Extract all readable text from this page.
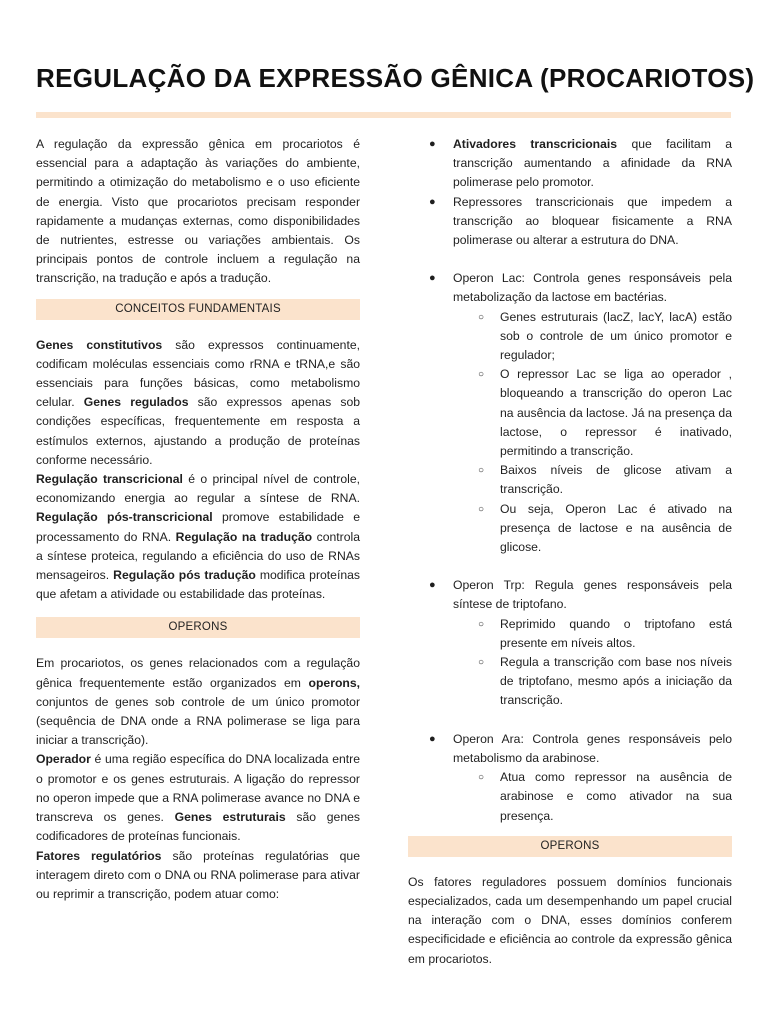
REGULAÇÃO DA EXPRESSÃO GÊNICA (PROCARIOTOS)

A regulação da expressão gênica em procariotos é essencial para a adaptação às variações do ambiente, permitindo a otimização do metabolismo e o uso eficiente de energia. Visto que procariotos precisam responder rapidamente a mudanças externas, como disponibilidades de nutrientes, estresse ou variações ambientais. Os principais pontos de controle incluem a regulação na transcrição, na tradução e após a tradução.

CONCEITOS FUNDAMENTAIS

Genes constitutivos são expressos continuamente, codificam moléculas essenciais como rRNA e tRNA,e são essenciais para funções básicas, como metabolismo celular. Genes regulados são expressos apenas sob condições específicas, frequentemente em resposta a estímulos externos, ajustando a produção de proteínas conforme necessário.

Regulação transcricional é o principal nível de controle, economizando energia ao regular a síntese de RNA. Regulação pós-transcricional promove estabilidade e processamento do RNA. Regulação na tradução controla a síntese proteica, regulando a eficiência do uso de RNAs mensageiros. Regulação pós tradução modifica proteínas que afetam a atividade ou estabilidade das proteínas.

OPERONS

Em procariotos, os genes relacionados com a regulação gênica frequentemente estão organizados em operons, conjuntos de genes sob controle de um único promotor (sequência de DNA onde a RNA polimerase se liga para iniciar a transcrição).

Operador é uma região específica do DNA localizada entre o promotor e os genes estruturais. A ligação do repressor no operon impede que a RNA polimerase avance no DNA e transcreva os genes. Genes estruturais são genes codificadores de proteínas funcionais.

Fatores regulatórios são proteínas regulatórias que interagem direto com o DNA ou RNA polimerase para ativar ou reprimir a transcrição, podem atuar como:

● Ativadores transcricionais que facilitam a transcrição aumentando a afinidade da RNA polimerase pelo promotor.
● Repressores transcricionais que impedem a transcrição ao bloquear fisicamente a RNA polimerase ou alterar a estrutura do DNA.
● Operon Lac: Controla genes responsáveis pela metabolização da lactose em bactérias.
○ Genes estruturais (lacZ, lacY, lacA) estão sob o controle de um único promotor e regulador;
○ O repressor Lac se liga ao operador , bloqueando a transcrição do operon Lac na ausência da lactose. Já na presença da lactose, o repressor é inativado, permitindo a transcrição.
○ Baixos níveis de glicose ativam a transcrição.
○ Ou seja, Operon Lac é ativado na presença de lactose e na ausência de glicose.
● Operon Trp: Regula genes responsáveis pela síntese de triptofano.
○ Reprimido quando o triptofano está presente em níveis altos.
○ Regula a transcrição com base nos níveis de triptofano, mesmo após a iniciação da transcrição.
● Operon Ara: Controla genes responsáveis pelo metabolismo da arabinose.
○ Atua como repressor na ausência de arabinose e como ativador na sua presença.
OPERONS

Os fatores reguladores possuem domínios funcionais especializados, cada um desempenhando um papel crucial na interação com o DNA, esses domínios conferem especificidade e eficiência ao controle da expressão gênica em procariotos.
